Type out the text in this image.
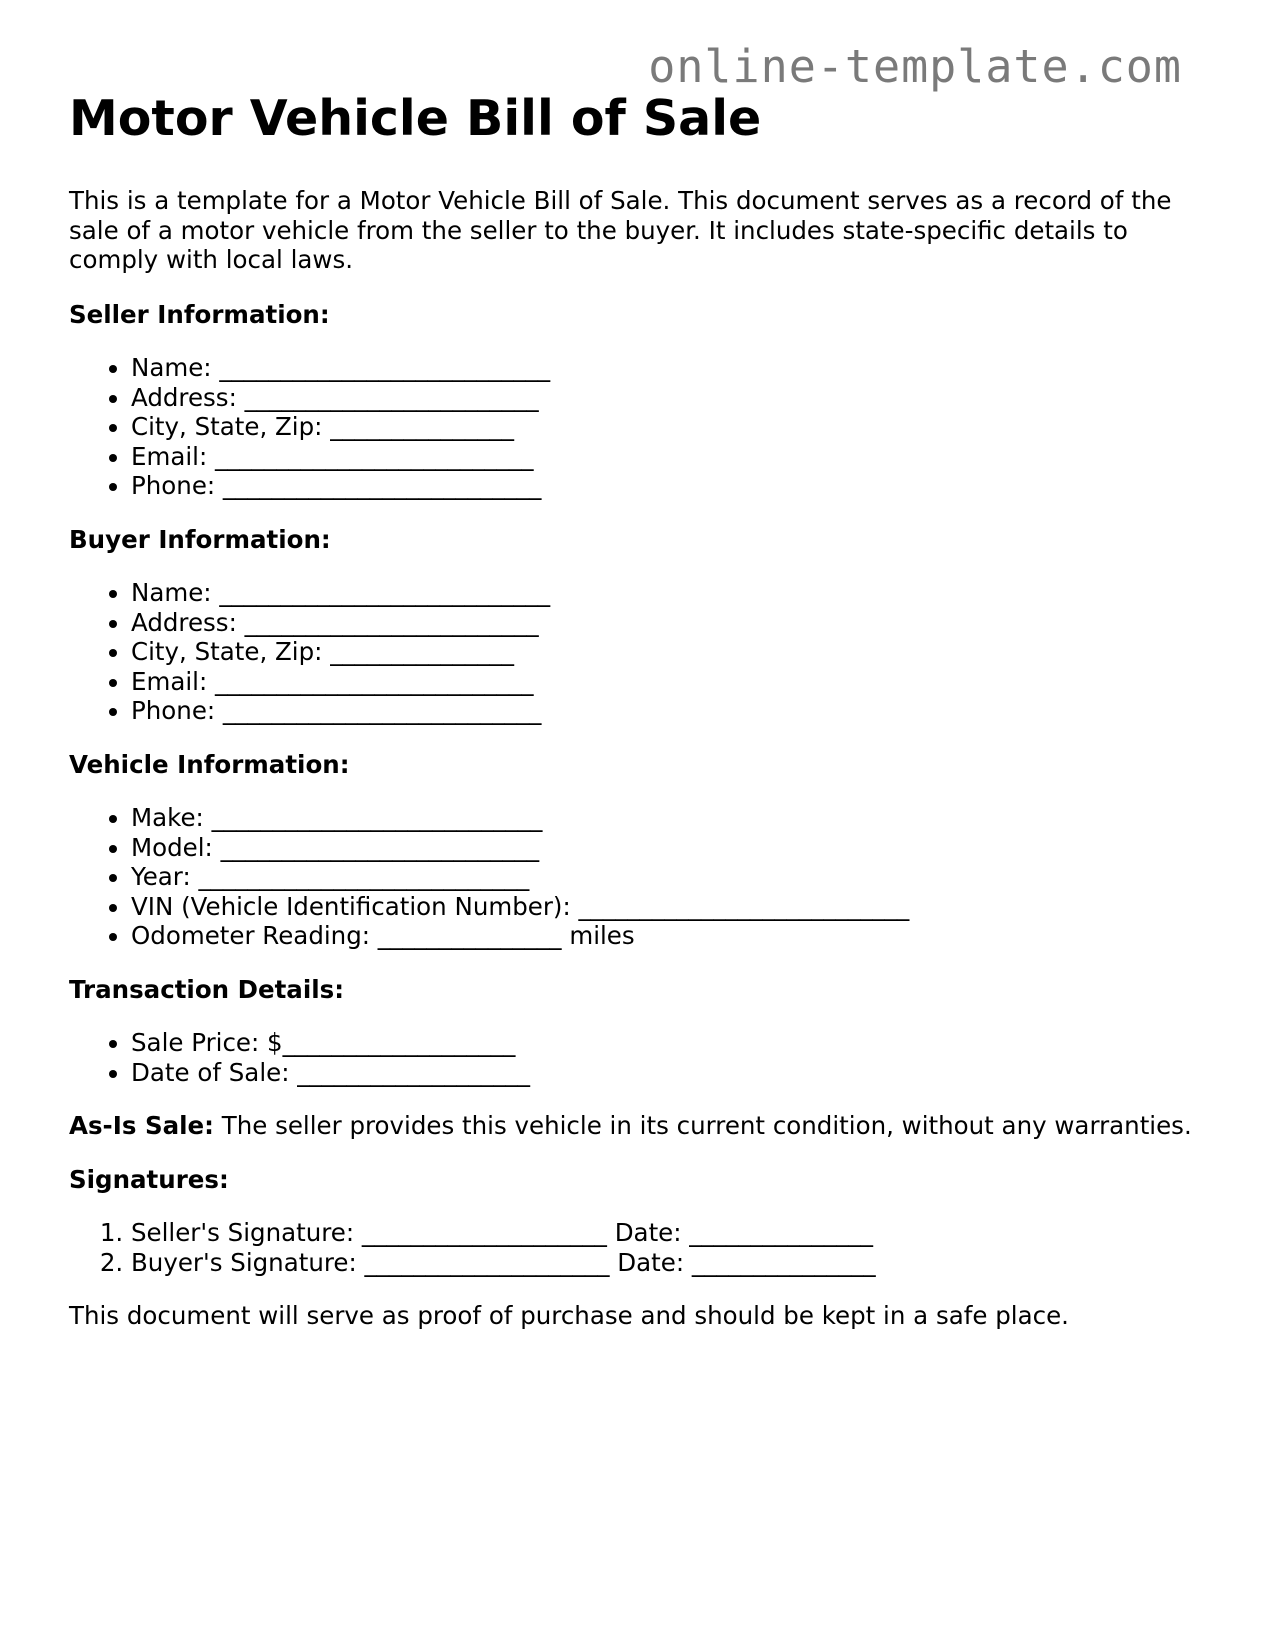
online-template.com
Motor Vehicle Bill of Sale

This is a template for a Motor Vehicle Bill of Sale. This document serves as a record of the sale of a motor vehicle from the seller to the buyer. It includes state-specific details to comply with local laws.

Seller Information:

• Name: ___________________________
• Address: ________________________
• City, State, Zip: _______________
• Email: __________________________
• Phone: __________________________

Buyer Information:

• Name: ___________________________
• Address: ________________________
• City, State, Zip: _______________
• Email: __________________________
• Phone: __________________________

Vehicle Information:

• Make: ___________________________
• Model: __________________________
• Year: ___________________________
• VIN (Vehicle Identification Number): ___________________________
• Odometer Reading: _______________ miles

Transaction Details:

• Sale Price: $___________________
• Date of Sale: ___________________

As-Is Sale: The seller provides this vehicle in its current condition, without any warranties.

Signatures:

1. Seller's Signature: ____________________ Date: _______________
2. Buyer's Signature: ____________________ Date: _______________

This document will serve as proof of purchase and should be kept in a safe place.
